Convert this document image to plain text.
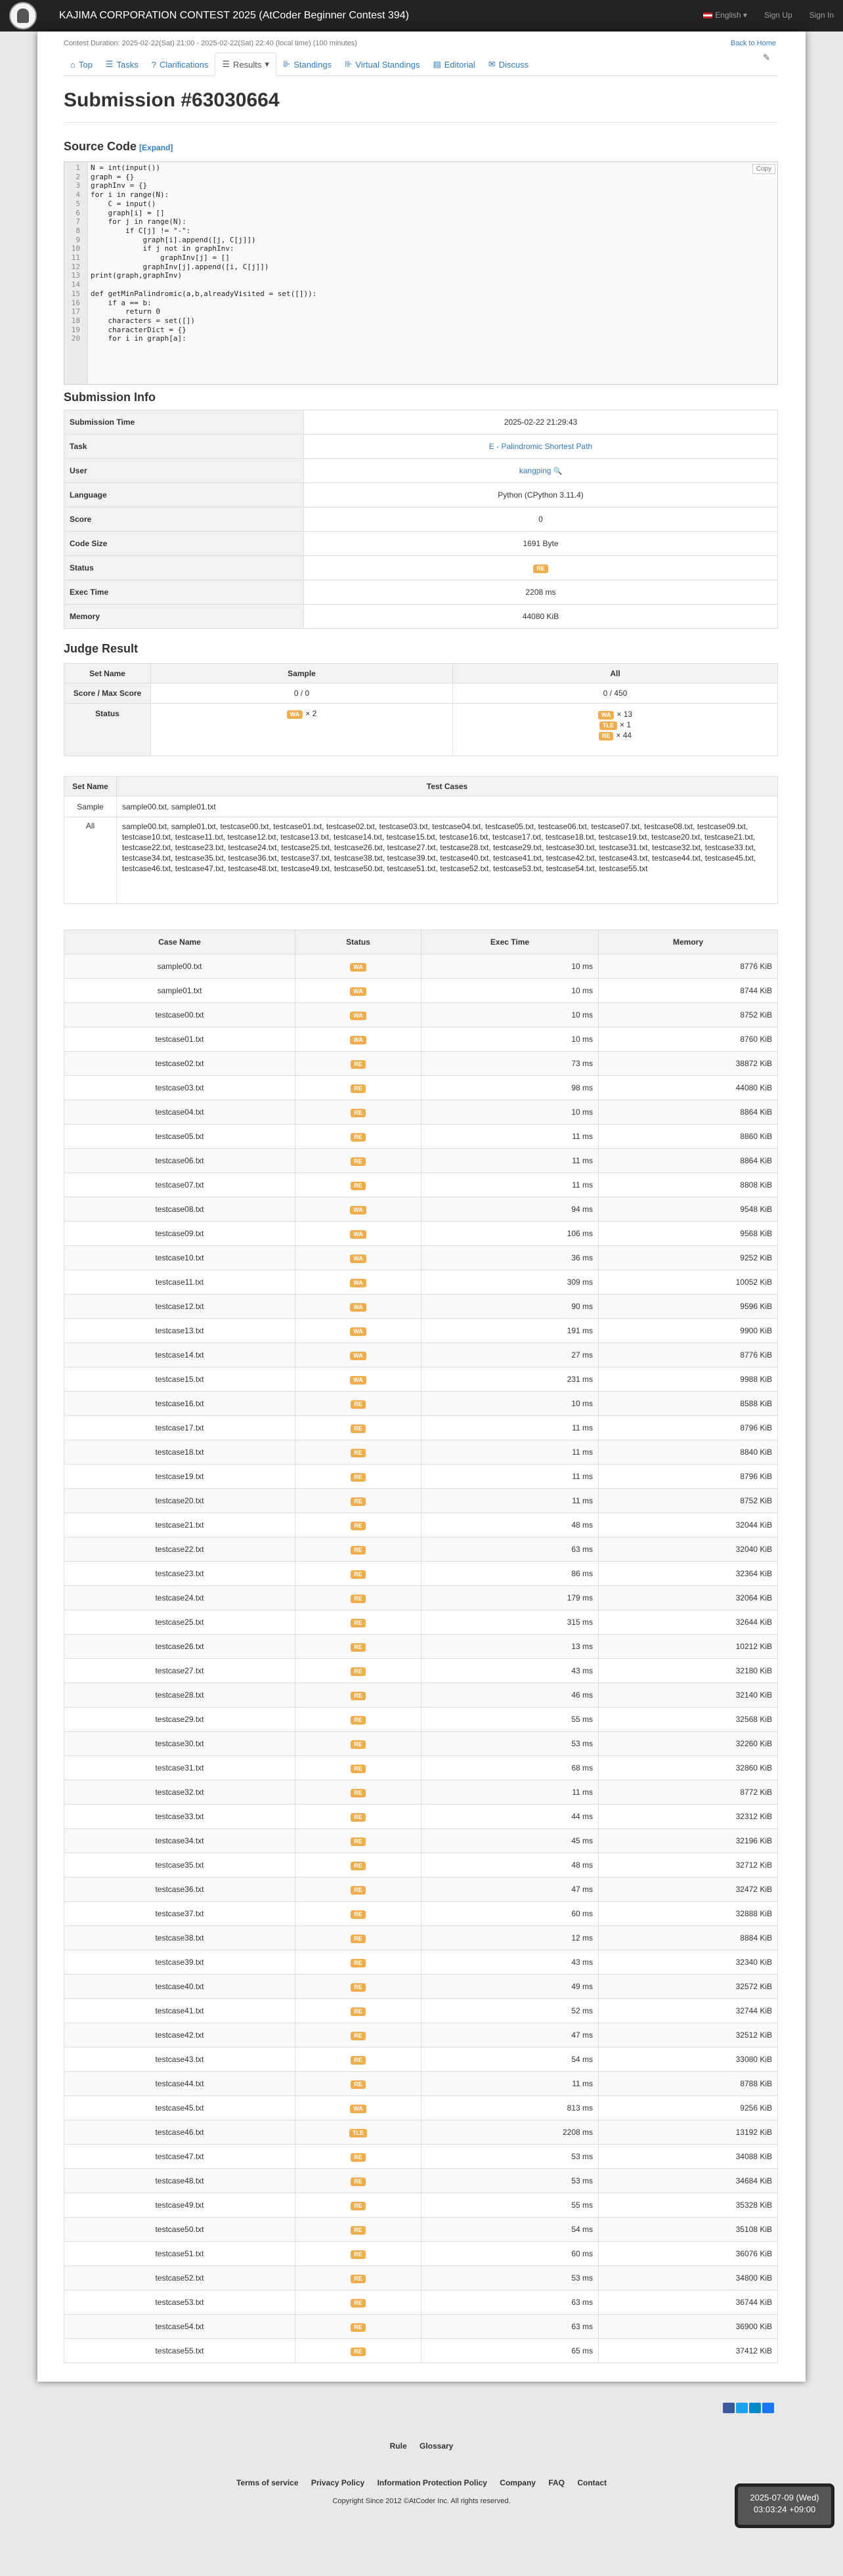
KAJIMA CORPORATION CONTEST 2025 (AtCoder Beginner Contest 394)	English ▾ Sign Up Sign In
Contest Duration: 2025-02-22(Sat) 21:00 - 2025-02-22(Sat) 22:40 (local time) (100 minutes)	Back to Home
⌂ Top ☰ Tasks ? Clarifications ☰ Results ▾ ⊪ Standings ⊪ Virtual Standings ▤ Editorial ✉ Discuss
✎
Submission #63030664
Source Code [Expand]
1 N = int(input())
2 graph = {}
3 graphInv = {}
4 for i in range(N):
5 C = input()
6 graph[i] = []
7 for j in range(N):
8 if C[j] != "-":
9 graph[i].append([j, C[j]])
10 if j not in graphInv:
11 graphInv[j] = []
12 graphInv[j].append([i, C[j]])
13 print(graph,graphInv)
14
15 def getMinPalindromic(a,b,alreadyVisited = set([])):
16 if a == b:
17 return 0
18 characters = set([])
19 characterDict = {}
20 for i in graph[a]:
Copy
Submission Info
Submission Time	2025-02-22 21:29:43
Task	E - Palindromic Shortest Path
User	kangping 🔍
Language	Python (CPython 3.11.4)
Score	0
Code Size	1691 Byte
Status	RE
Exec Time	2208 ms
Memory	44080 KiB
Judge Result
Set Name	Sample	All
Score / Max Score	0 / 0	0 / 450
Status	WA × 2	WA × 13
TLE × 1
RE × 44
Set Name	Test Cases
Sample	sample00.txt, sample01.txt
All	sample00.txt, sample01.txt, testcase00.txt, testcase01.txt, testcase02.txt, testcase03.txt, testcase04.txt, testcase05.txt, testcase06.txt, testcase07.txt, testcase08.txt, testcase09.txt, testcase10.txt, testcase11.txt, testcase12.txt, testcase13.txt, testcase14.txt, testcase15.txt, testcase16.txt, testcase17.txt, testcase18.txt, testcase19.txt, testcase20.txt, testcase21.txt, testcase22.txt, testcase23.txt, testcase24.txt, testcase25.txt, testcase26.txt, testcase27.txt, testcase28.txt, testcase29.txt, testcase30.txt, testcase31.txt, testcase32.txt, testcase33.txt, testcase34.txt, testcase35.txt, testcase36.txt, testcase37.txt, testcase38.txt, testcase39.txt, testcase40.txt, testcase41.txt, testcase42.txt, testcase43.txt, testcase44.txt, testcase45.txt, testcase46.txt, testcase47.txt, testcase48.txt, testcase49.txt, testcase50.txt, testcase51.txt, testcase52.txt, testcase53.txt, testcase54.txt, testcase55.txt
Case Name	Status	Exec Time	Memory
sample00.txt	WA	10 ms	8776 KiB
sample01.txt	WA	10 ms	8744 KiB
testcase00.txt	WA	10 ms	8752 KiB
testcase01.txt	WA	10 ms	8760 KiB
testcase02.txt	RE	73 ms	38872 KiB
testcase03.txt	RE	98 ms	44080 KiB
testcase04.txt	RE	10 ms	8864 KiB
testcase05.txt	RE	11 ms	8860 KiB
testcase06.txt	RE	11 ms	8864 KiB
testcase07.txt	RE	11 ms	8808 KiB
testcase08.txt	WA	94 ms	9548 KiB
testcase09.txt	WA	106 ms	9568 KiB
testcase10.txt	WA	36 ms	9252 KiB
testcase11.txt	WA	309 ms	10052 KiB
testcase12.txt	WA	90 ms	9596 KiB
testcase13.txt	WA	191 ms	9900 KiB
testcase14.txt	WA	27 ms	8776 KiB
testcase15.txt	WA	231 ms	9988 KiB
testcase16.txt	RE	10 ms	8588 KiB
testcase17.txt	RE	11 ms	8796 KiB
testcase18.txt	RE	11 ms	8840 KiB
testcase19.txt	RE	11 ms	8796 KiB
testcase20.txt	RE	11 ms	8752 KiB
testcase21.txt	RE	48 ms	32044 KiB
testcase22.txt	RE	63 ms	32040 KiB
testcase23.txt	RE	86 ms	32364 KiB
testcase24.txt	RE	179 ms	32064 KiB
testcase25.txt	RE	315 ms	32644 KiB
testcase26.txt	RE	13 ms	10212 KiB
testcase27.txt	RE	43 ms	32180 KiB
testcase28.txt	RE	46 ms	32140 KiB
testcase29.txt	RE	55 ms	32568 KiB
testcase30.txt	RE	53 ms	32260 KiB
testcase31.txt	RE	68 ms	32860 KiB
testcase32.txt	RE	11 ms	8772 KiB
testcase33.txt	RE	44 ms	32312 KiB
testcase34.txt	RE	45 ms	32196 KiB
testcase35.txt	RE	48 ms	32712 KiB
testcase36.txt	RE	47 ms	32472 KiB
testcase37.txt	RE	60 ms	32888 KiB
testcase38.txt	RE	12 ms	8884 KiB
testcase39.txt	RE	43 ms	32340 KiB
testcase40.txt	RE	49 ms	32572 KiB
testcase41.txt	RE	52 ms	32744 KiB
testcase42.txt	RE	47 ms	32512 KiB
testcase43.txt	RE	54 ms	33080 KiB
testcase44.txt	RE	11 ms	8788 KiB
testcase45.txt	WA	813 ms	9256 KiB
testcase46.txt	TLE	2208 ms	13192 KiB
testcase47.txt	RE	53 ms	34088 KiB
testcase48.txt	RE	53 ms	34684 KiB
testcase49.txt	RE	55 ms	35328 KiB
testcase50.txt	RE	54 ms	35108 KiB
testcase51.txt	RE	60 ms	36076 KiB
testcase52.txt	RE	53 ms	34800 KiB
testcase53.txt	RE	63 ms	36744 KiB
testcase54.txt	RE	63 ms	36900 KiB
testcase55.txt	RE	65 ms	37412 KiB
Rule Glossary
Terms of service Privacy Policy Information Protection Policy Company FAQ Contact
Copyright Since 2012 ©AtCoder Inc. All rights reserved.	2025-07-09 (Wed)
03:03:24 +09:00
